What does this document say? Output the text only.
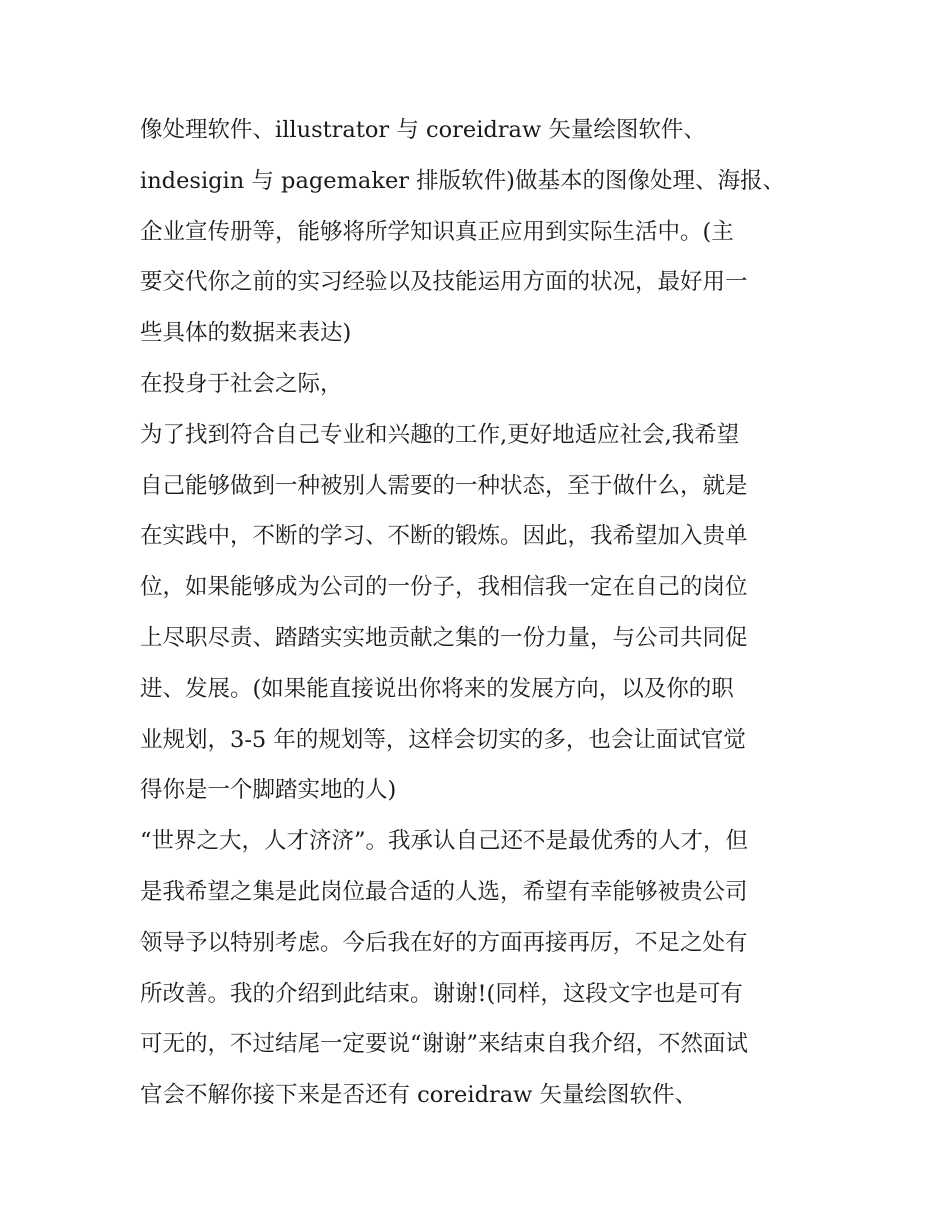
像处理软件、illustrator 与 coreidraw 矢量绘图软件、
indesigin 与 pagemaker 排版软件)做基本的图像处理、海报、
企业宣传册等，能够将所学知识真正应用到实际生活中。(主
要交代你之前的实习经验以及技能运用方面的状况，最好用一
些具体的数据来表达)
在投身于社会之际，
为了找到符合自己专业和兴趣的工作,更好地适应社会,我希望
自己能够做到一种被别人需要的一种状态，至于做什么，就是
在实践中，不断的学习、不断的锻炼。因此，我希望加入贵单
位，如果能够成为公司的一份子，我相信我一定在自己的岗位
上尽职尽责、踏踏实实地贡献之集的一份力量，与公司共同促
进、发展。(如果能直接说出你将来的发展方向，以及你的职
业规划，3-5 年的规划等，这样会切实的多，也会让面试官觉
得你是一个脚踏实地的人)
“世界之大，人才济济”。我承认自己还不是最优秀的人才，但
是我希望之集是此岗位最合适的人选，希望有幸能够被贵公司
领导予以特别考虑。今后我在好的方面再接再厉，不足之处有
所改善。我的介绍到此结束。谢谢!(同样，这段文字也是可有
可无的，不过结尾一定要说“谢谢”来结束自我介绍，不然面试
官会不解你接下来是否还有 coreidraw 矢量绘图软件、
